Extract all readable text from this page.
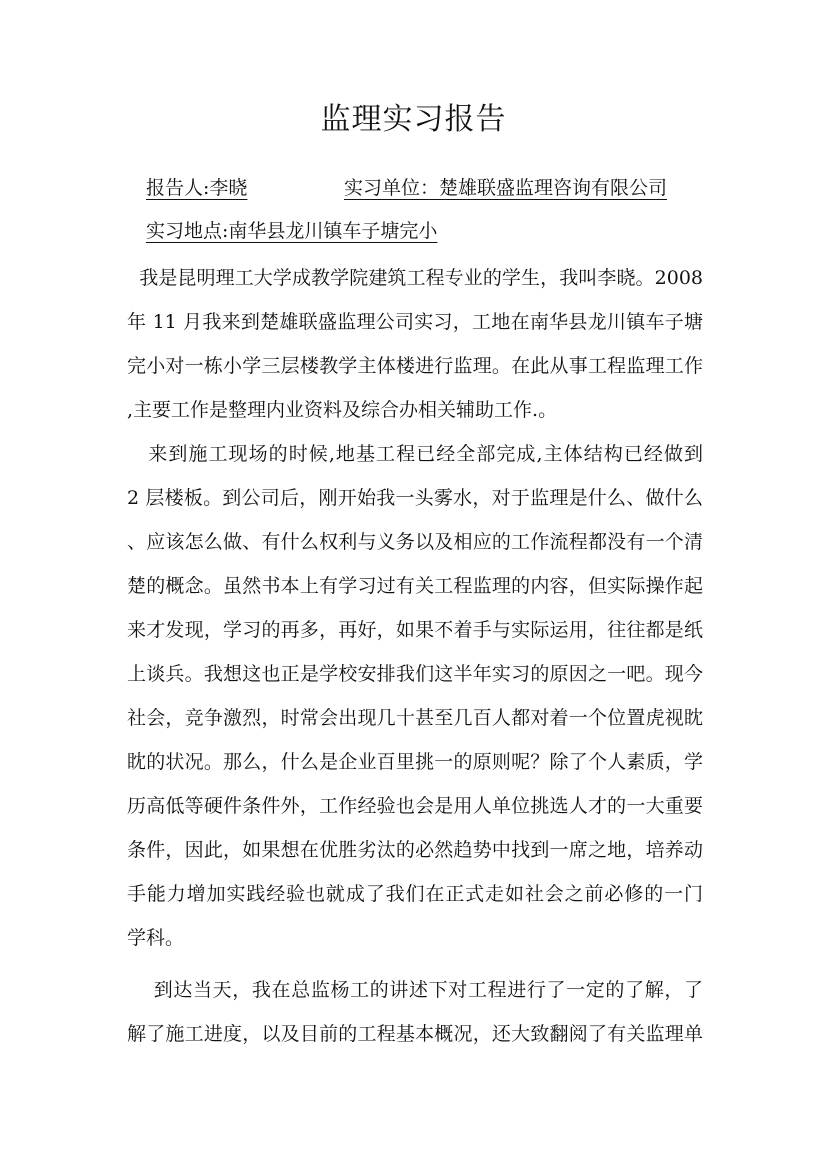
监理实习报告
报告人:李晓	实习单位：楚雄联盛监理咨询有限公司
实习地点:南华县龙川镇车子塘完小

我是昆明理工大学成教学院建筑工程专业的学生，我叫李晓。2008
年 11 月我来到楚雄联盛监理公司实习，工地在南华县龙川镇车子塘
完小对一栋小学三层楼教学主体楼进行监理。在此从事工程监理工作
,主要工作是整理内业资料及综合办相关辅助工作.。

来到施工现场的时候,地基工程已经全部完成,主体结构已经做到
2 层楼板。到公司后，刚开始我一头雾水，对于监理是什么、做什么
、应该怎么做、有什么权利与义务以及相应的工作流程都没有一个清
楚的概念。虽然书本上有学习过有关工程监理的内容，但实际操作起
来才发现，学习的再多，再好，如果不着手与实际运用，往往都是纸
上谈兵。我想这也正是学校安排我们这半年实习的原因之一吧。现今
社会，竞争激烈，时常会出现几十甚至几百人都对着一个位置虎视眈
眈的状况。那么，什么是企业百里挑一的原则呢？除了个人素质，学
历高低等硬件条件外，工作经验也会是用人单位挑选人才的一大重要
条件，因此，如果想在优胜劣汰的必然趋势中找到一席之地，培养动
手能力增加实践经验也就成了我们在正式走如社会之前必修的一门
学科。

到达当天，我在总监杨工的讲述下对工程进行了一定的了解，了
解了施工进度，以及目前的工程基本概况，还大致翻阅了有关监理单
